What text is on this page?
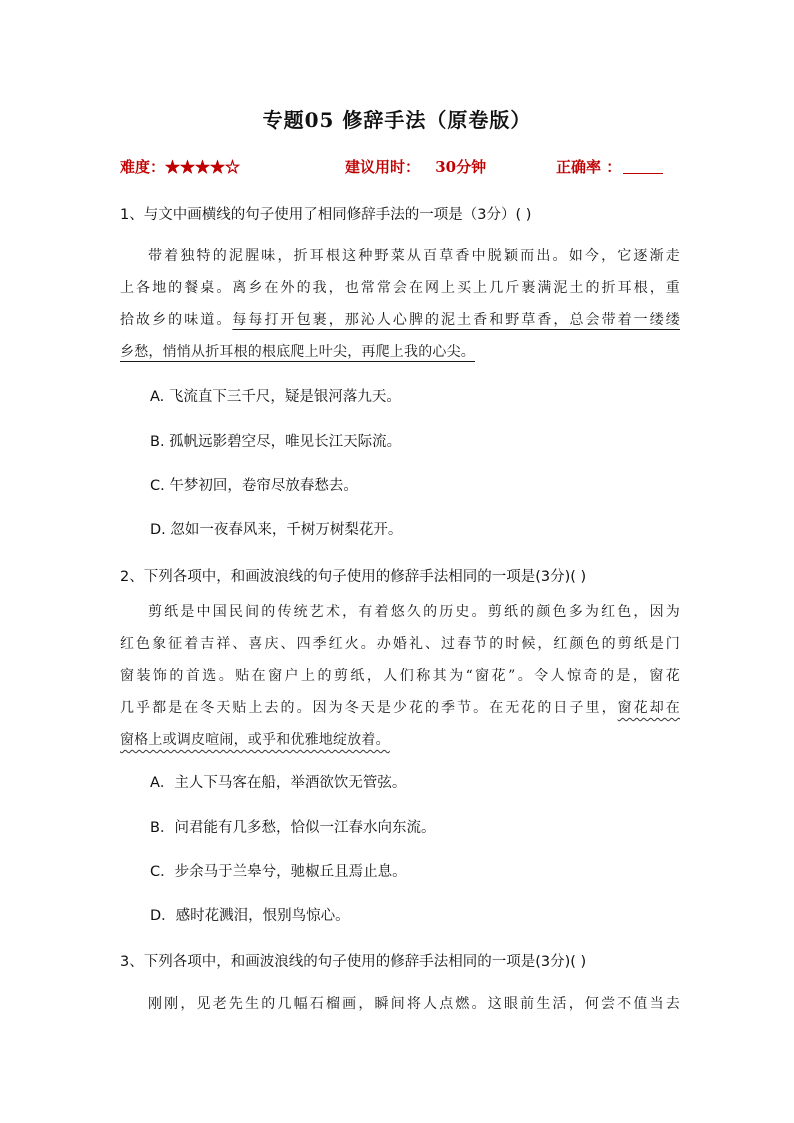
专题05 修辞手法（原卷版）
难度：★★★★☆	建议用时： 30分钟	正确率 ：
1、与文中画横线的句子使用了相同修辞手法的一项是（3分）( )
带着独特的泥腥味，折耳根这种野菜从百草香中脱颖而出。如今，它逐渐走
上各地的餐桌。离乡在外的我，也常常会在网上买上几斤裹满泥土的折耳根，重
拾故乡的味道。每每打开包裹，那沁人心脾的泥土香和野草香，总会带着一缕缕
乡愁，悄悄从折耳根的根底爬上叶尖，再爬上我的心尖。
A. 飞流直下三千尺，疑是银河落九天。
B. 孤帆远影碧空尽，唯见长江天际流。
C. 午梦初回，卷帘尽放春愁去。
D. 忽如一夜春风来，千树万树梨花开。
2、下列各项中，和画波浪线的句子使用的修辞手法相同的一项是(3分)( )
剪纸是中国民间的传统艺术，有着悠久的历史。剪纸的颜色多为红色，因为
红色象征着吉祥、喜庆、四季红火。办婚礼、过春节的时候，红颜色的剪纸是门
窗装饰的首选。贴在窗户上的剪纸，人们称其为“窗花”。令人惊奇的是，窗花
几乎都是在冬天贴上去的。因为冬天是少花的季节。在无花的日子里，窗花却在
窗格上或调皮喧闹，或乎和优雅地绽放着。
A．主人下马客在船，举酒欲饮无管弦。
B．问君能有几多愁，恰似一江春水向东流。
C．步余马于兰皋兮，驰椒丘且焉止息。
D．感时花溅泪，恨别鸟惊心。
3、下列各项中，和画波浪线的句子使用的修辞手法相同的一项是(3分)( )
刚刚，见老先生的几幅石榴画，瞬间将人点燃。这眼前生活，何尝不值当去
